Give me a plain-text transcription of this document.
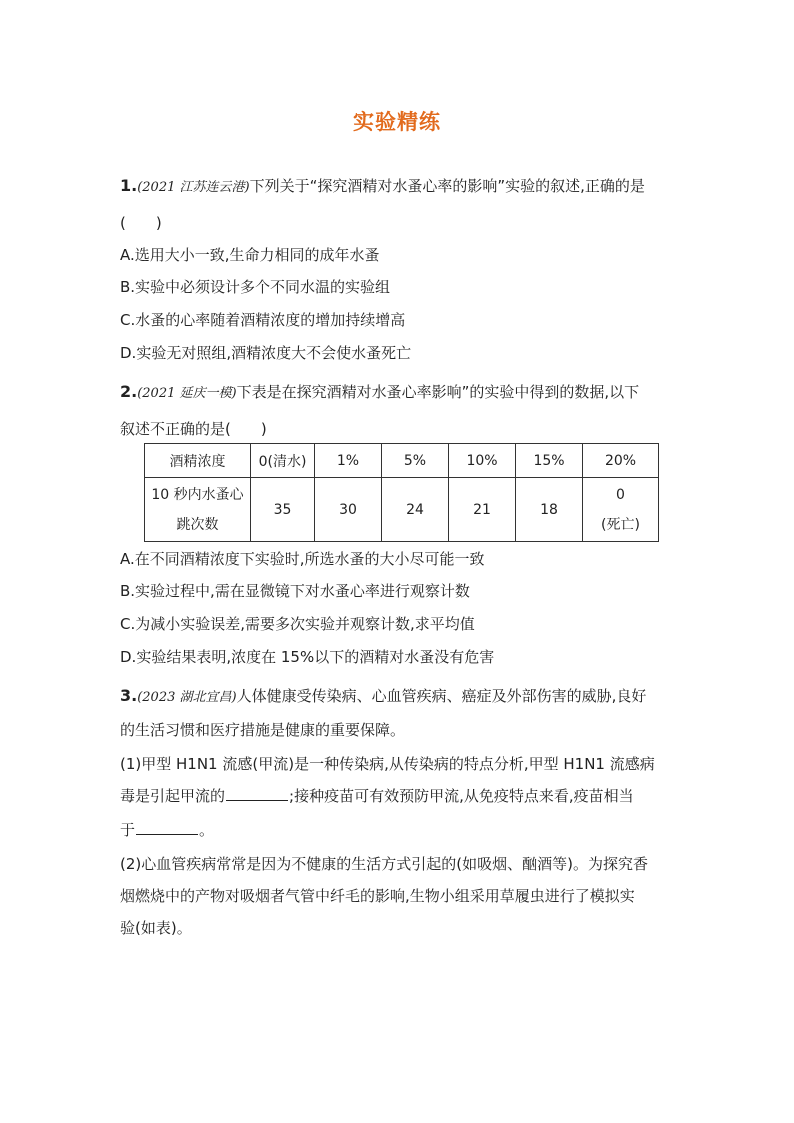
实验精练
1.(2021 江苏连云港)下列关于“探究酒精对水蚤心率的影响”实验的叙述,正确的是
(　　)
A.选用大小一致,生命力相同的成年水蚤
B.实验中必须设计多个不同水温的实验组
C.水蚤的心率随着酒精浓度的增加持续增高
D.实验无对照组,酒精浓度大不会使水蚤死亡
2.(2021 延庆一模)下表是在探究酒精对水蚤心率影响”的实验中得到的数据,以下
叙述不正确的是(　　)
酒精浓度	0(清水)	1%	5%	10%	15%	20%

10 秒内水蚤心
跳次数	35	30	24	21	18	0
(死亡)
A.在不同酒精浓度下实验时,所选水蚤的大小尽可能一致
B.实验过程中,需在显微镜下对水蚤心率进行观察计数
C.为减小实验误差,需要多次实验并观察计数,求平均值
D.实验结果表明,浓度在 15%以下的酒精对水蚤没有危害
3.(2023 湖北宜昌)人体健康受传染病、心血管疾病、癌症及外部伤害的威胁,良好
的生活习惯和医疗措施是健康的重要保障。
(1)甲型 H1N1 流感(甲流)是一种传染病,从传染病的特点分析,甲型 H1N1 流感病
毒是引起甲流的	;接种疫苗可有效预防甲流,从免疫特点来看,疫苗相当
于	。
(2)心血管疾病常常是因为不健康的生活方式引起的(如吸烟、酗酒等)。为探究香
烟燃烧中的产物对吸烟者气管中纤毛的影响,生物小组采用草履虫进行了模拟实
验(如表)。
